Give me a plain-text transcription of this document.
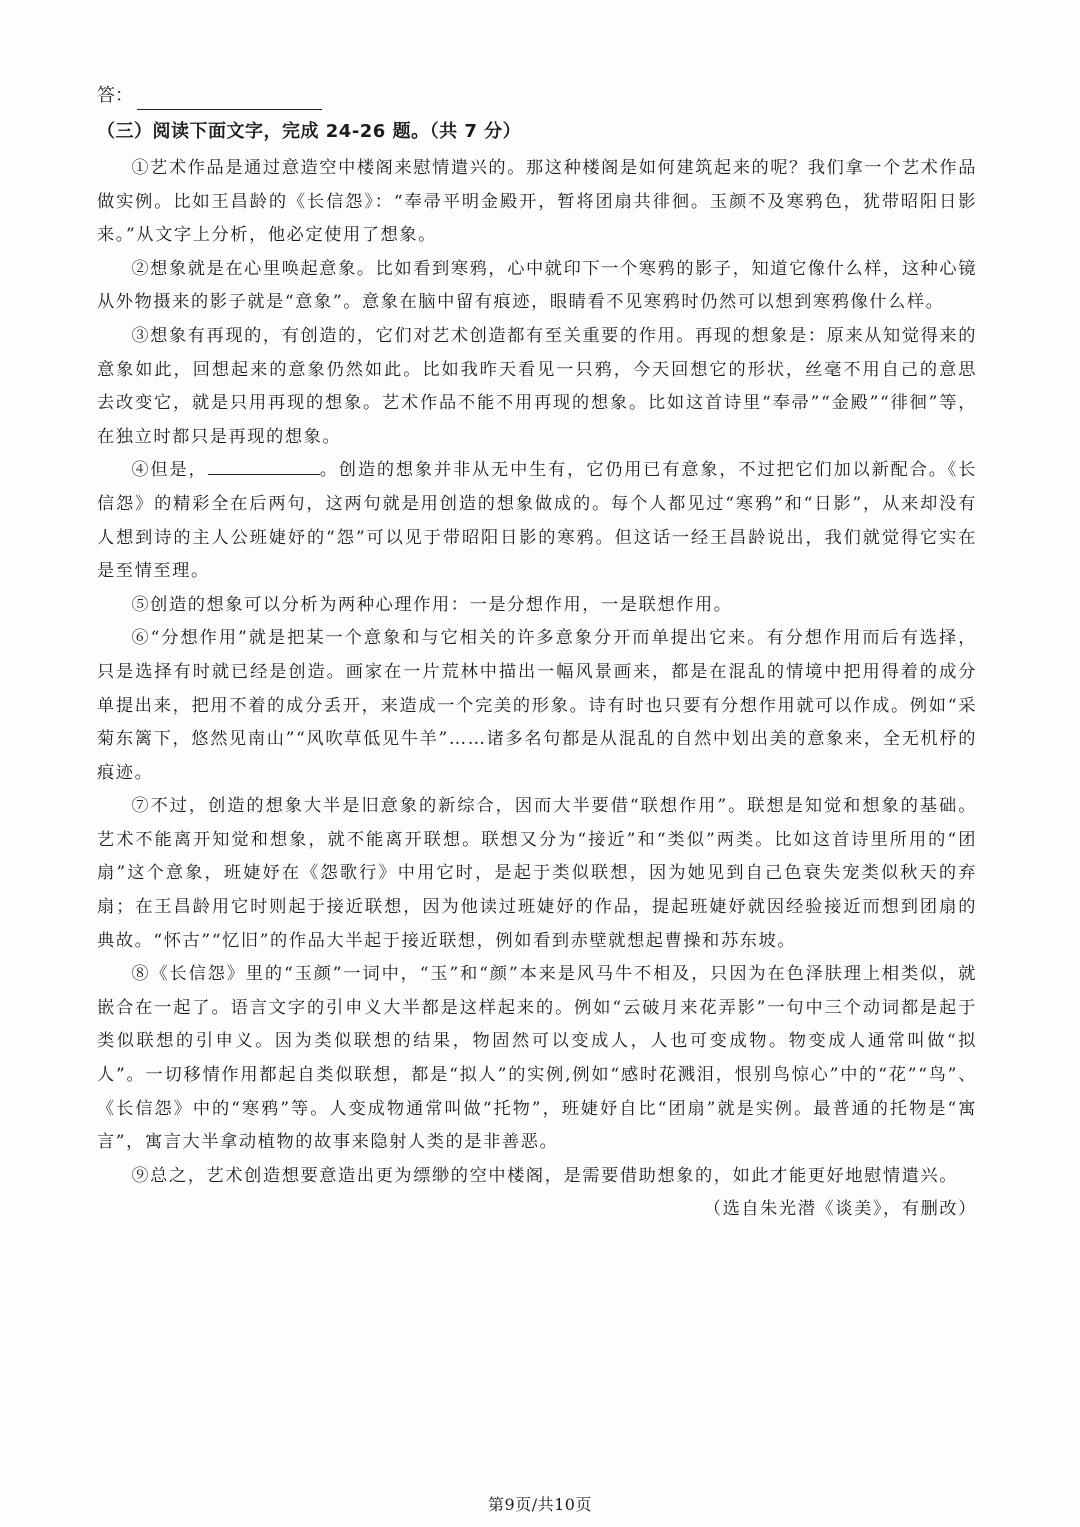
答：
（三）阅读下面文字，完成 24-26 题。（共 7 分）

①艺术作品是通过意造空中楼阁来慰情遣兴的。那这种楼阁是如何建筑起来的呢？我们拿一个艺术作品做实例。比如王昌龄的《长信怨》：“奉帚平明金殿开，暂将团扇共徘徊。玉颜不及寒鸦色，犹带昭阳日影来。”从文字上分析，他必定使用了想象。

②想象就是在心里唤起意象。比如看到寒鸦，心中就印下一个寒鸦的影子，知道它像什么样，这种心镜从外物摄来的影子就是“意象”。意象在脑中留有痕迹，眼睛看不见寒鸦时仍然可以想到寒鸦像什么样。

③想象有再现的，有创造的，它们对艺术创造都有至关重要的作用。再现的想象是：原来从知觉得来的意象如此，回想起来的意象仍然如此。比如我昨天看见一只鸦，今天回想它的形状，丝毫不用自己的意思去改变它，就是只用再现的想象。艺术作品不能不用再现的想象。比如这首诗里“奉帚”“金殿”“徘徊”等，在独立时都只是再现的想象。

④但是，	。创造的想象并非从无中生有，它仍用已有意象，不过把它们加以新配合。《长信怨》的精彩全在后两句，这两句就是用创造的想象做成的。每个人都见过“寒鸦”和“日影”，从来却没有人想到诗的主人公班婕妤的“怨”可以见于带昭阳日影的寒鸦。但这话一经王昌龄说出，我们就觉得它实在是至情至理。

⑤创造的想象可以分析为两种心理作用：一是分想作用，一是联想作用。

⑥“分想作用”就是把某一个意象和与它相关的许多意象分开而单提出它来。有分想作用而后有选择，只是选择有时就已经是创造。画家在一片荒林中描出一幅风景画来，都是在混乱的情境中把用得着的成分单提出来，把用不着的成分丢开，来造成一个完美的形象。诗有时也只要有分想作用就可以作成。例如“采菊东篱下，悠然见南山”“风吹草低见牛羊”……诸多名句都是从混乱的自然中划出美的意象来，全无机杼的痕迹。

⑦不过，创造的想象大半是旧意象的新综合，因而大半要借“联想作用”。联想是知觉和想象的基础。艺术不能离开知觉和想象，就不能离开联想。联想又分为“接近”和“类似”两类。比如这首诗里所用的“团扇”这个意象，班婕妤在《怨歌行》中用它时，是起于类似联想，因为她见到自己色衰失宠类似秋天的弃扇；在王昌龄用它时则起于接近联想，因为他读过班婕妤的作品，提起班婕妤就因经验接近而想到团扇的典故。“怀古”“忆旧”的作品大半起于接近联想，例如看到赤壁就想起曹操和苏东坡。

⑧《长信怨》里的“玉颜”一词中，“玉”和“颜”本来是风马牛不相及，只因为在色泽肤理上相类似，就嵌合在一起了。语言文字的引申义大半都是这样起来的。例如“云破月来花弄影”一句中三个动词都是起于类似联想的引申义。因为类似联想的结果，物固然可以变成人，人也可变成物。物变成人通常叫做“拟人”。一切移情作用都起自类似联想，都是“拟人”的实例,例如“感时花溅泪，恨别鸟惊心”中的“花”“鸟”、《长信怨》中的“寒鸦”等。人变成物通常叫做“托物”，班婕妤自比“团扇”就是实例。最普通的托物是“寓言”，寓言大半拿动植物的故事来隐射人类的是非善恶。

⑨总之，艺术创造想要意造出更为缥缈的空中楼阁，是需要借助想象的，如此才能更好地慰情遣兴。

（选自朱光潜《谈美》，有删改）

第9页/共10页
